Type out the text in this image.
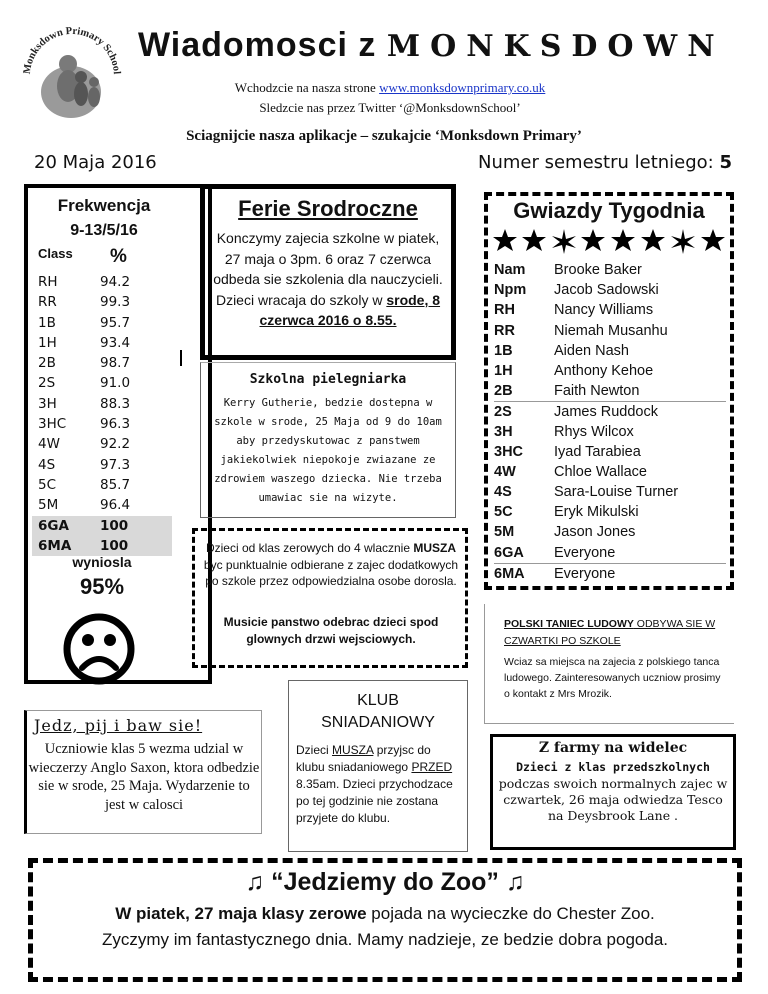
Monksdown Primary School
Wiadomosci z MONKSDOWN
Wchodzcie na nasza strone www.monksdownprimary.co.uk
Sledzcie nas przez Twitter ‘@MonksdownSchool’
Sciagnijcie nasza aplikacje – szukajcie ‘Monksdown Primary’
20 Maja 2016	Numer semestru letniego: 5
Frekwencja
9-13/5/16
Class %
RH	94.2
RR	99.3
1B	95.7
1H	93.4
2B	98.7
2S	91.0
3H	88.3
3HC	96.3
4W	92.2
4S	97.3
5C	85.7
5M	96.4
6GA	100
6MA	100
wyniosla
95%
Ferie Srodroczne
Konczymy zajecia szkolne w piatek, 27 maja o 3pm. 6 oraz 7 czerwca odbeda sie szkolenia dla nauczycieli. Dzieci wracaja do szkoly w srode, 8 czerwca 2016 o 8.55.
Szkolna pielegniarka
Kerry Gutherie, bedzie dostepna w szkole w srode, 25 Maja od 9 do 10am aby przedyskutowac z panstwem jakiekolwiek niepokoje zwiazane ze zdrowiem waszego dziecka. Nie trzeba umawiac sie na wizyte.
Dzieci od klas zerowych do 4 wlacznie MUSZA byc punktualnie odbierane z zajec dodatkowych po szkole przez odpowiedzialna osobe dorosla.
Musicie panstwo odebrac dzieci spod glownych drzwi wejsciowych.
Jedz, pij i baw sie!
Uczniowie klas 5 wezma udzial w wieczerzy Anglo Saxon, ktora odbedzie sie w srode, 25 Maja. Wydarzenie to jest w calosci
KLUB
SNIADANIOWY
Dzieci MUSZA przyjsc do klubu sniadaniowego PRZED 8.35am. Dzieci przychodzace po tej godzinie nie zostana przyjete do klubu.
Gwiazdy Tygodnia
Nam	Brooke Baker
Npm	Jacob Sadowski
RH	Nancy Williams
RR	Niemah Musanhu
1B	Aiden Nash
1H	Anthony Kehoe
2B	Faith Newton
2S	James Ruddock
3H	Rhys Wilcox
3HC	Iyad Tarabiea
4W	Chloe Wallace
4S	Sara-Louise Turner
5C	Eryk Mikulski
5M	Jason Jones
6GA	Everyone
6MA	Everyone
POLSKI TANIEC LUDOWY ODBYWA SIE W CZWARTKI PO SZKOLE
Wciaz sa miejsca na zajecia z polskiego tanca ludowego. Zainteresowanych uczniow prosimy o kontakt z Mrs Mrozik.
Z farmy na widelec
Dzieci z klas przedszkolnych
podczas swoich normalnych zajec w czwartek, 26 maja odwiedza Tesco na Deysbrook Lane .
♫ “Jedziemy do Zoo” ♫
W piatek, 27 maja klasy zerowe pojada na wycieczke do Chester Zoo.
Zyczymy im fantastycznego dnia. Mamy nadzieje, ze bedzie dobra pogoda.
